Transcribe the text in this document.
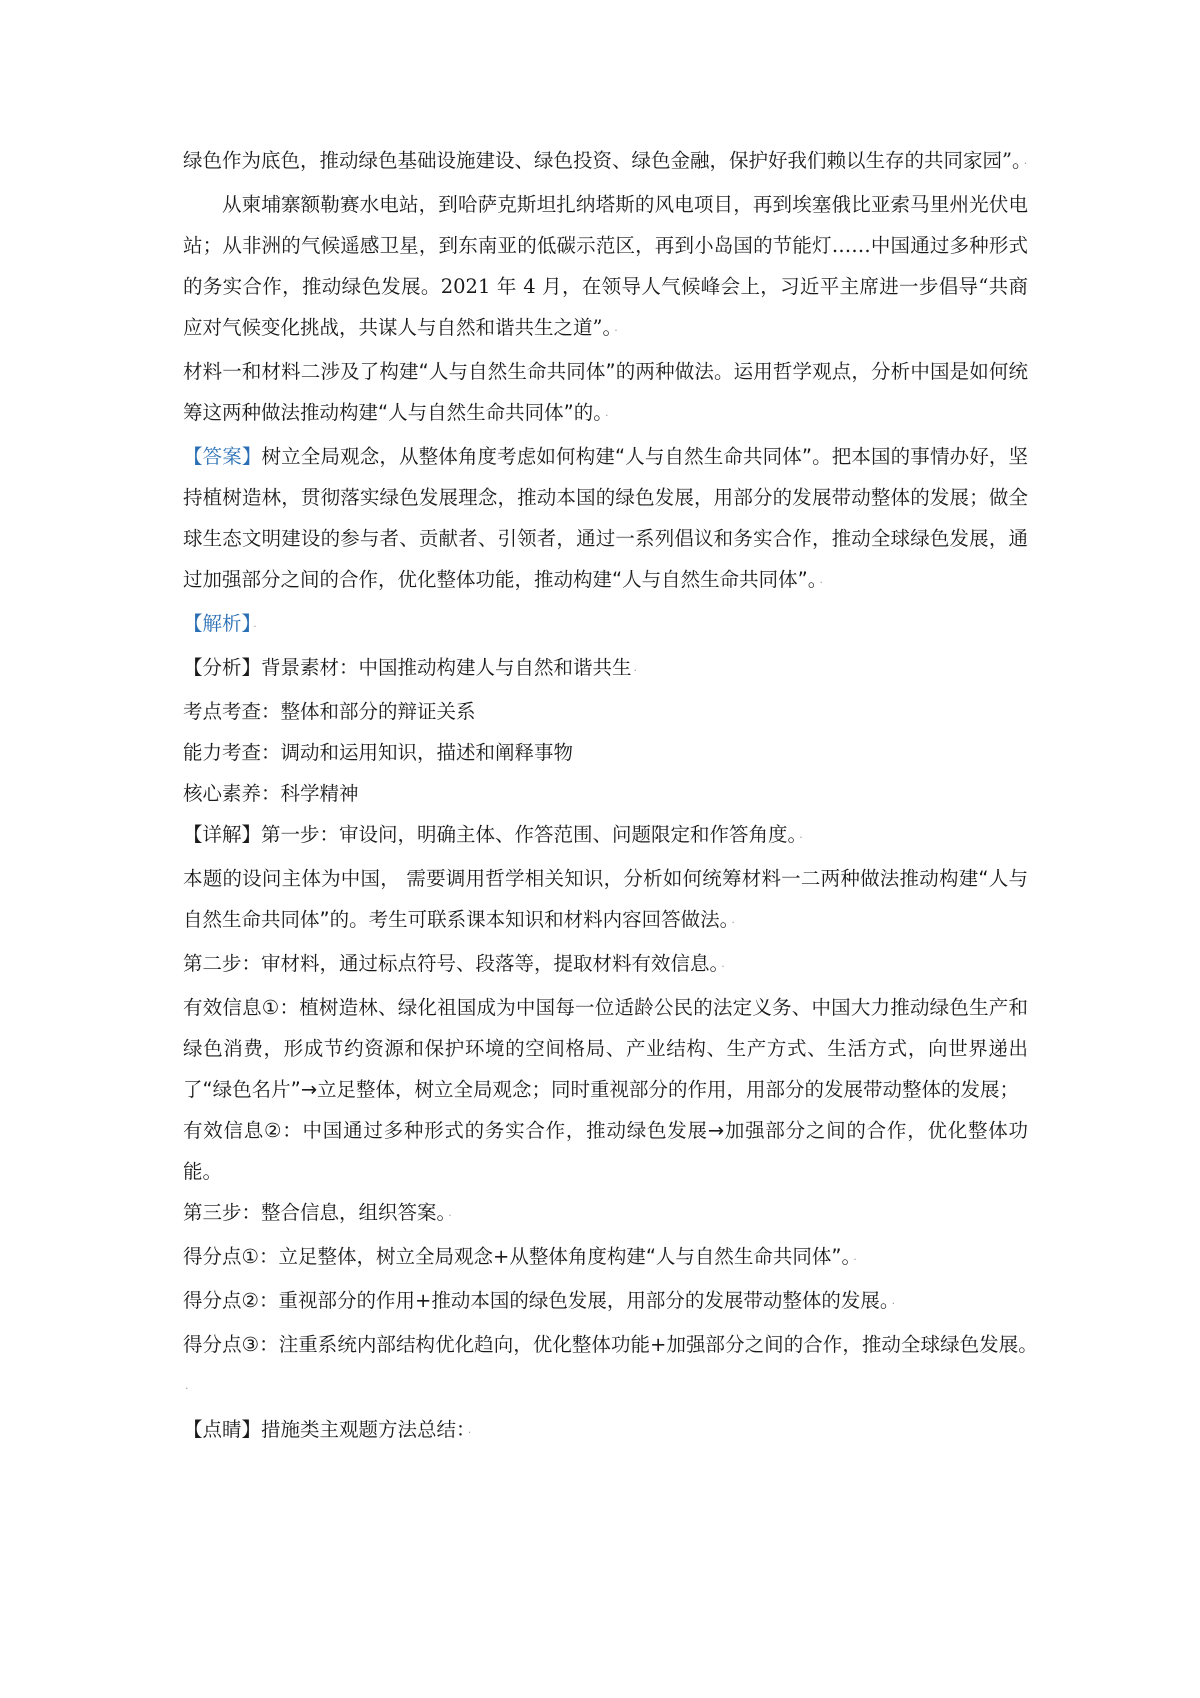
绿色作为底色，推动绿色基础设施建设、绿色投资、绿色金融，保护好我们赖以生存的共同家园”。 ·

从柬埔寨额勒赛水电站，到哈萨克斯坦扎纳塔斯的风电项目，再到埃塞俄比亚索马里州光伏电站；从非洲的气候遥感卫星，到东南亚的低碳示范区，再到小岛国的节能灯……中国通过多种形式的务实合作，推动绿色发展。2021 年 4 月，在领导人气候峰会上，习近平主席进一步倡导“共商应对气候变化挑战，共谋人与自然和谐共生之道”。 ·

材料一和材料二涉及了构建“人与自然生命共同体”的两种做法。运用哲学观点，分析中国是如何统筹这两种做法推动构建“人与自然生命共同体”的。 ·

【答案】树立全局观念，从整体角度考虑如何构建“人与自然生命共同体”。把本国的事情办好，坚持植树造林，贯彻落实绿色发展理念，推动本国的绿色发展，用部分的发展带动整体的发展；做全球生态文明建设的参与者、贡献者、引领者，通过一系列倡议和务实合作，推动全球绿色发展，通过加强部分之间的合作，优化整体功能，推动构建“人与自然生命共同体”。 ·

【解析】 ·

【分析】背景素材：中国推动构建人与自然和谐共生 ·

考点考查：整体和部分的辩证关系

能力考查：调动和运用知识，描述和阐释事物

核心素养：科学精神

【详解】第一步：审设问，明确主体、作答范围、问题限定和作答角度。 ·

本题的设问主体为中国， 需要调用哲学相关知识，分析如何统筹材料一二两种做法推动构建“人与自然生命共同体”的。考生可联系课本知识和材料内容回答做法。 ·

第二步：审材料，通过标点符号、段落等，提取材料有效信息。 ·

有效信息①：植树造林、绿化祖国成为中国每一位适龄公民的法定义务、中国大力推动绿色生产和绿色消费，形成节约资源和保护环境的空间格局、产业结构、生产方式、生活方式，向世界递出了“绿色名片”→立足整体，树立全局观念；同时重视部分的作用，用部分的发展带动整体的发展；

有效信息②：中国通过多种形式的务实合作，推动绿色发展→加强部分之间的合作，优化整体功能。

第三步：整合信息，组织答案。 ·

得分点①：立足整体，树立全局观念+从整体角度构建“人与自然生命共同体”。 ·

得分点②：重视部分的作用+推动本国的绿色发展，用部分的发展带动整体的发展。 ·

得分点③：注重系统内部结构优化趋向，优化整体功能+加强部分之间的合作，推动全球绿色发展。·

【点睛】措施类主观题方法总结： ·
